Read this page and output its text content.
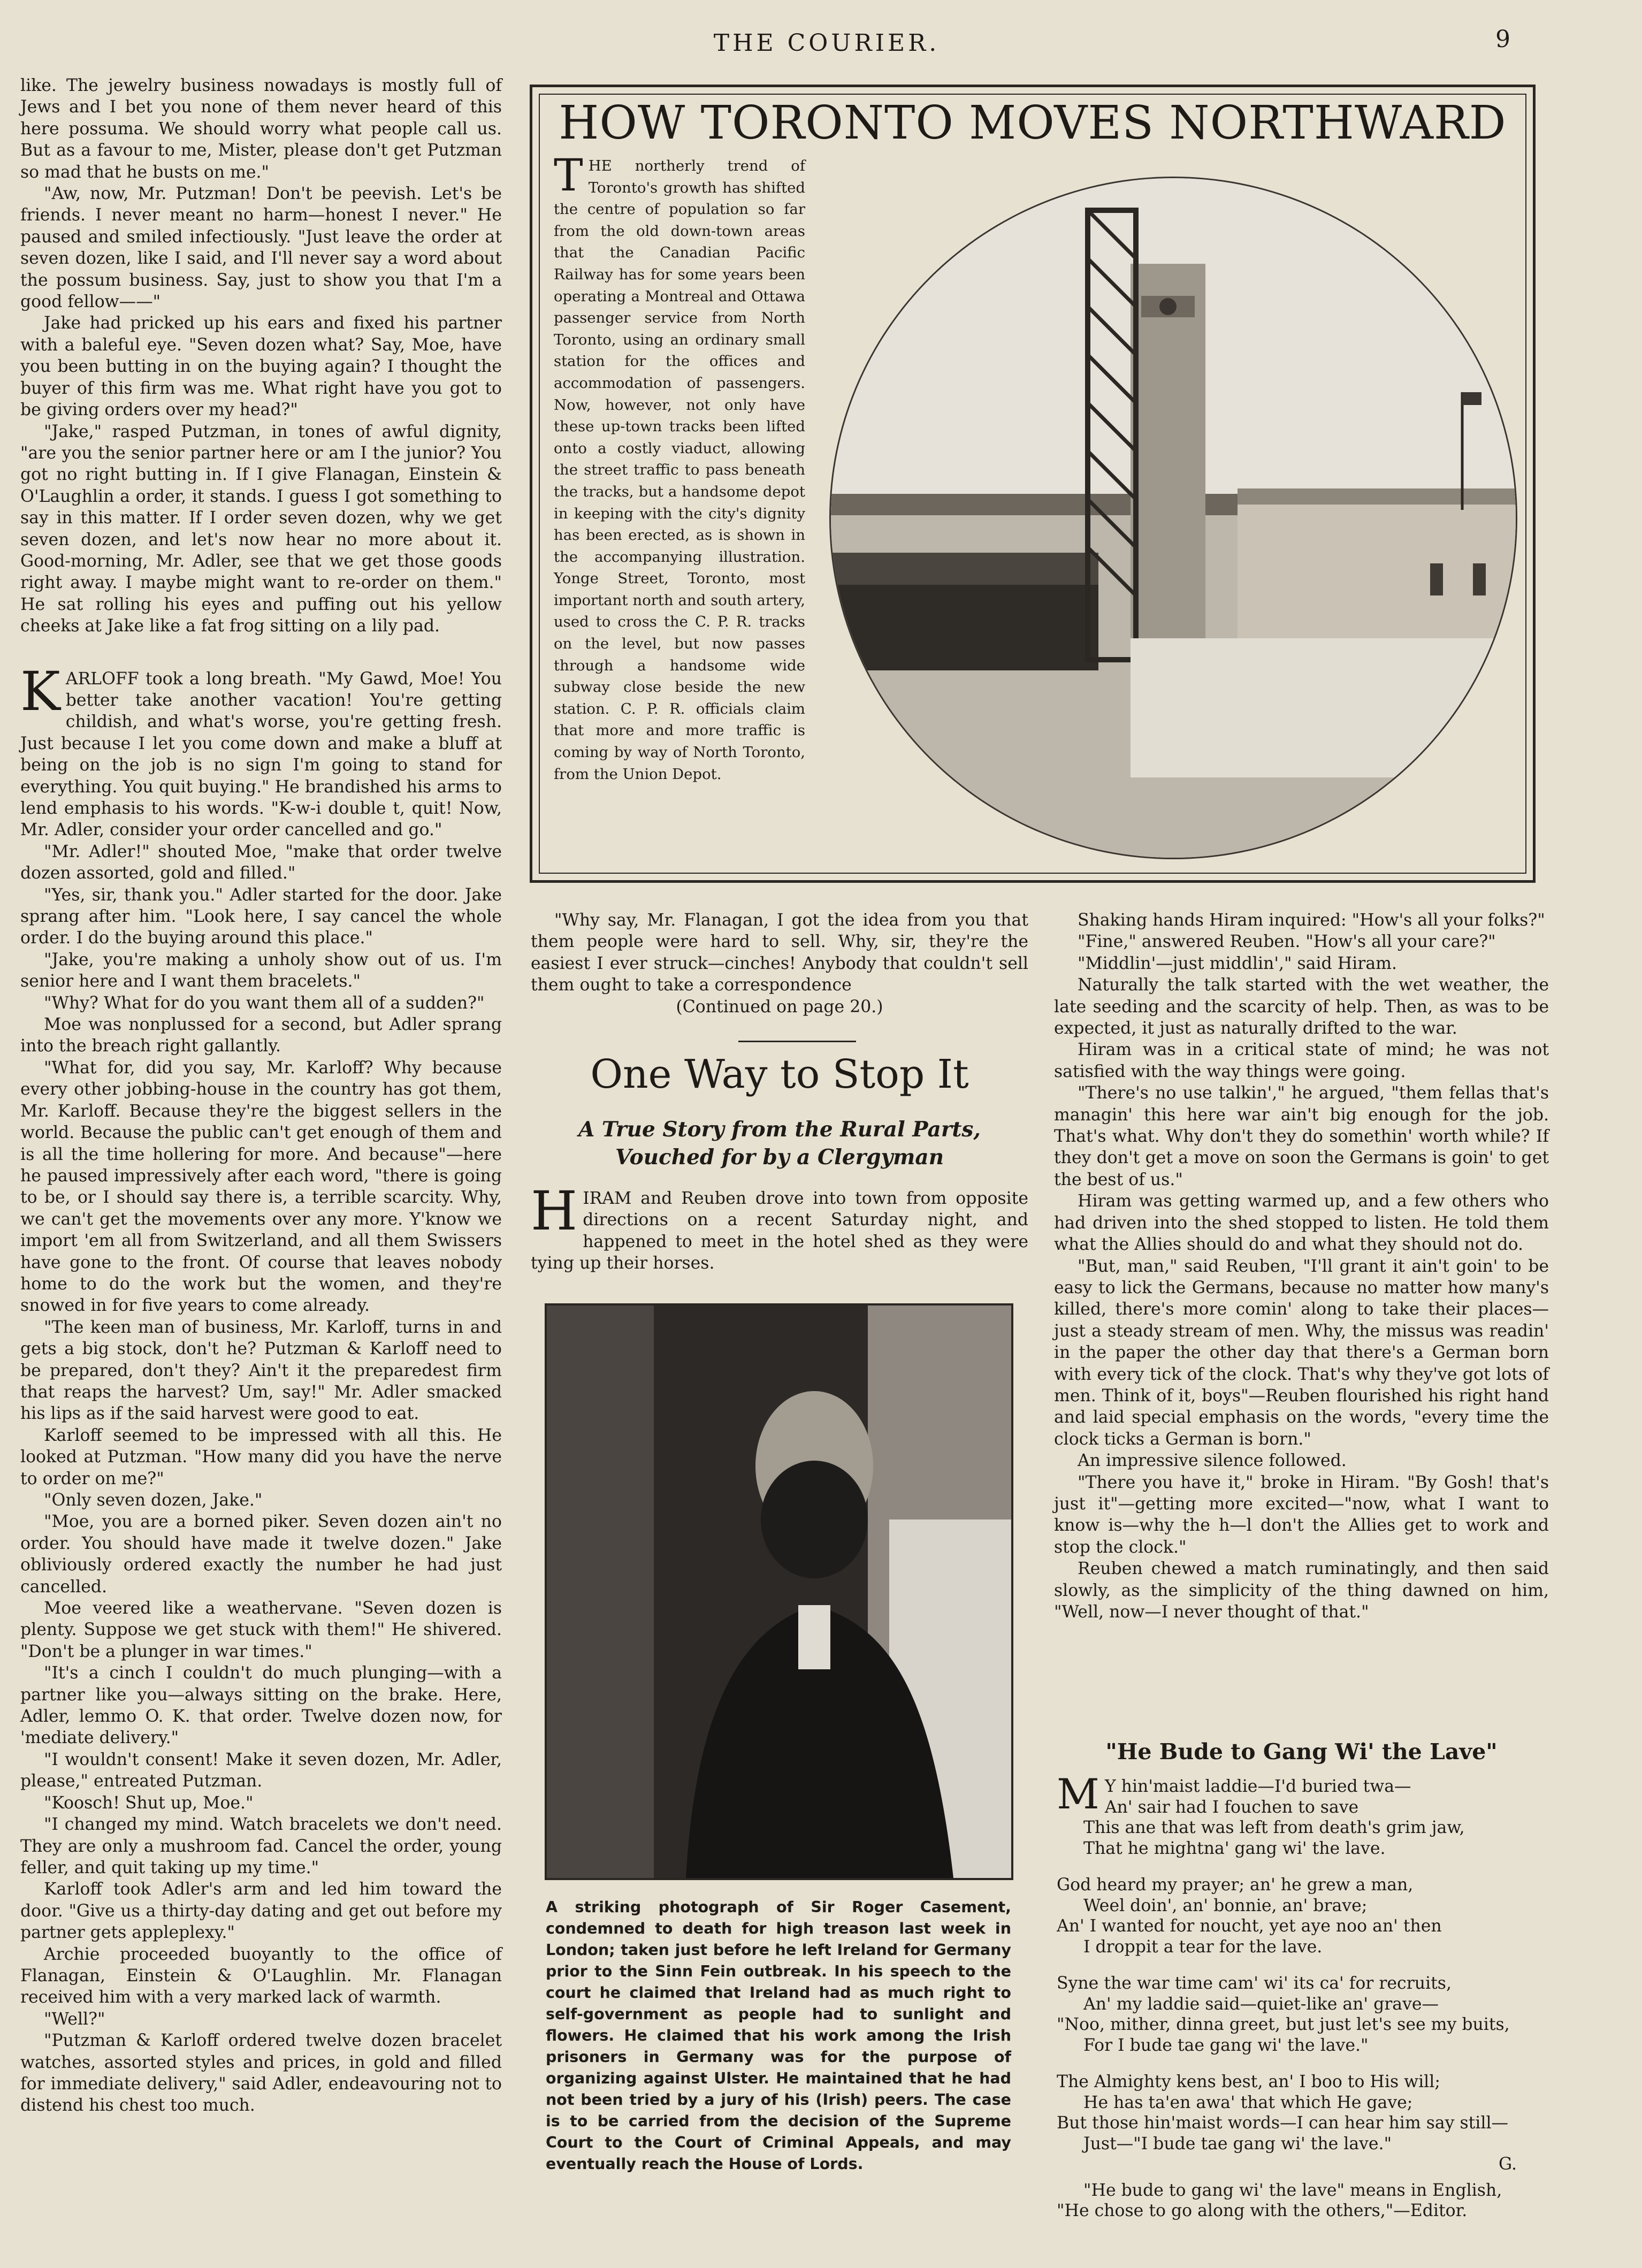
THE COURIER.	9

like. The jewelry business nowadays is mostly full of Jews and I bet you none of them never heard of this here possuma. We should worry what people call us. But as a favour to me, Mister, please don't get Putzman so mad that he busts on me."

"Aw, now, Mr. Putzman! Don't be peevish. Let's be friends. I never meant no harm—honest I never." He paused and smiled infectiously. "Just leave the order at seven dozen, like I said, and I'll never say a word about the possum business. Say, just to show you that I'm a good fellow——"

Jake had pricked up his ears and fixed his partner with a baleful eye. "Seven dozen what? Say, Moe, have you been butting in on the buying again? I thought the buyer of this firm was me. What right have you got to be giving orders over my head?"

"Jake," rasped Putzman, in tones of awful dignity, "are you the senior partner here or am I the junior? You got no right butting in. If I give Flanagan, Einstein & O'Laughlin a order, it stands. I guess I got something to say in this matter. If I order seven dozen, why we get seven dozen, and let's now hear no more about it. Good-morning, Mr. Adler, see that we get those goods right away. I maybe might want to re-order on them." He sat rolling his eyes and puffing out his yellow cheeks at Jake like a fat frog sitting on a lily pad.

KARLOFF took a long breath. "My Gawd, Moe! You better take another vacation! You're getting childish, and what's worse, you're getting fresh. Just because I let you come down and make a bluff at being on the job is no sign I'm going to stand for everything. You quit buying." He brandished his arms to lend emphasis to his words. "K-w-i double t, quit! Now, Mr. Adler, consider your order cancelled and go."

"Mr. Adler!" shouted Moe, "make that order twelve dozen assorted, gold and filled."

"Yes, sir, thank you." Adler started for the door. Jake sprang after him. "Look here, I say cancel the whole order. I do the buying around this place."

"Jake, you're making a unholy show out of us. I'm senior here and I want them bracelets."

"Why? What for do you want them all of a sudden?"

Moe was nonplussed for a second, but Adler sprang into the breach right gallantly.

"What for, did you say, Mr. Karloff? Why because every other jobbing-house in the country has got them, Mr. Karloff. Because they're the biggest sellers in the world. Because the public can't get enough of them and is all the time hollering for more. And because"—here he paused impressively after each word, "there is going to be, or I should say there is, a terrible scarcity. Why, we can't get the movements over any more. Y'know we import 'em all from Switzerland, and all them Swissers have gone to the front. Of course that leaves nobody home to do the work but the women, and they're snowed in for five years to come already.

"The keen man of business, Mr. Karloff, turns in and gets a big stock, don't he? Putzman & Karloff need to be prepared, don't they? Ain't it the preparedest firm that reaps the harvest? Um, say!" Mr. Adler smacked his lips as if the said harvest were good to eat.

Karloff seemed to be impressed with all this. He looked at Putzman. "How many did you have the nerve to order on me?"

"Only seven dozen, Jake."

"Moe, you are a borned piker. Seven dozen ain't no order. You should have made it twelve dozen." Jake obliviously ordered exactly the number he had just cancelled.

Moe veered like a weathervane. "Seven dozen is plenty. Suppose we get stuck with them!" He shivered. "Don't be a plunger in war times."

"It's a cinch I couldn't do much plunging—with a partner like you—always sitting on the brake. Here, Adler, lemmo O. K. that order. Twelve dozen now, for 'mediate delivery."

"I wouldn't consent! Make it seven dozen, Mr. Adler, please," entreated Putzman.

"Koosch! Shut up, Moe."

"I changed my mind. Watch bracelets we don't need. They are only a mushroom fad. Cancel the order, young feller, and quit taking up my time."

Karloff took Adler's arm and led him toward the door. "Give us a thirty-day dating and get out before my partner gets appleplexy."

Archie proceeded buoyantly to the office of Flanagan, Einstein & O'Laughlin. Mr. Flanagan received him with a very marked lack of warmth.

"Well?"

"Putzman & Karloff ordered twelve dozen bracelet watches, assorted styles and prices, in gold and filled for immediate delivery," said Adler, endeavouring not to distend his chest too much.

HOW TORONTO MOVES NORTHWARD

THE northerly trend of Toronto's growth has shifted the centre of population so far from the old down-town areas that the Canadian Pacific Railway has for some years been operating a Montreal and Ottawa passenger service from North Toronto, using an ordinary small station for the offices and accommodation of passengers. Now, however, not only have these up-town tracks been lifted onto a costly viaduct, allowing the street traffic to pass beneath the tracks, but a handsome depot in keeping with the city's dignity has been erected, as is shown in the accompanying illustration. Yonge Street, Toronto, most important north and south artery, used to cross the C. P. R. tracks on the level, but now passes through a handsome wide subway close beside the new station. C. P. R. officials claim that more and more traffic is coming by way of North Toronto, from the Union Depot.

"Why say, Mr. Flanagan, I got the idea from you that them people were hard to sell. Why, sir, they're the easiest I ever struck—cinches! Anybody that couldn't sell them ought to take a correspondence

(Continued on page 20.)

One Way to Stop It
A True Story from the Rural Parts, Vouched for by a Clergyman

HIRAM and Reuben drove into town from opposite directions on a recent Saturday night, and happened to meet in the hotel shed as they were tying up their horses.

A striking photograph of Sir Roger Casement, condemned to death for high treason last week in London; taken just before he left Ireland for Germany prior to the Sinn Fein outbreak. In his speech to the court he claimed that Ireland had as much right to self-government as people had to sunlight and flowers. He claimed that his work among the Irish prisoners in Germany was for the purpose of organizing against Ulster. He maintained that he had not been tried by a jury of his (Irish) peers. The case is to be carried from the decision of the Supreme Court to the Court of Criminal Appeals, and may eventually reach the House of Lords.

Shaking hands Hiram inquired: "How's all your folks?"

"Fine," answered Reuben. "How's all your care?"

"Middlin'—just middlin'," said Hiram.

Naturally the talk started with the wet weather, the late seeding and the scarcity of help. Then, as was to be expected, it just as naturally drifted to the war.

Hiram was in a critical state of mind; he was not satisfied with the way things were going.

"There's no use talkin'," he argued, "them fellas that's managin' this here war ain't big enough for the job. That's what. Why don't they do somethin' worth while? If they don't get a move on soon the Germans is goin' to get the best of us."

Hiram was getting warmed up, and a few others who had driven into the shed stopped to listen. He told them what the Allies should do and what they should not do.

"But, man," said Reuben, "I'll grant it ain't goin' to be easy to lick the Germans, because no matter how many's killed, there's more comin' along to take their places—just a steady stream of men. Why, the missus was readin' in the paper the other day that there's a German born with every tick of the clock. That's why they've got lots of men. Think of it, boys"—Reuben flourished his right hand and laid special emphasis on the words, "every time the clock ticks a German is born."

An impressive silence followed.

"There you have it," broke in Hiram. "By Gosh! that's just it"—getting more excited—"now, what I want to know is—why the h—l don't the Allies get to work and stop the clock."

Reuben chewed a match ruminatingly, and then said slowly, as the simplicity of the thing dawned on him, "Well, now—I never thought of that."

"He Bude to Gang Wi' the Lave"
M Y hin'maist laddie—I'd buried twa—
An' sair had I fouchen to save
This ane that was left from death's grim jaw,
That he mightna' gang wi' the lave.
God heard my prayer; an' he grew a man,
Weel doin', an' bonnie, an' brave;
An' I wanted for noucht, yet aye noo an' then
I droppit a tear for the lave.
Syne the war time cam' wi' its ca' for recruits,
An' my laddie said—quiet-like an' grave—
"Noo, mither, dinna greet, but just let's see my buits,
For I bude tae gang wi' the lave."
The Almighty kens best, an' I boo to His will;
He has ta'en awa' that which He gave;
But those hin'maist words—I can hear him say still—
Just—"I bude tae gang wi' the lave."
G.
"He bude to gang wi' the lave" means in English,
"He chose to go along with the others,"—Editor.
